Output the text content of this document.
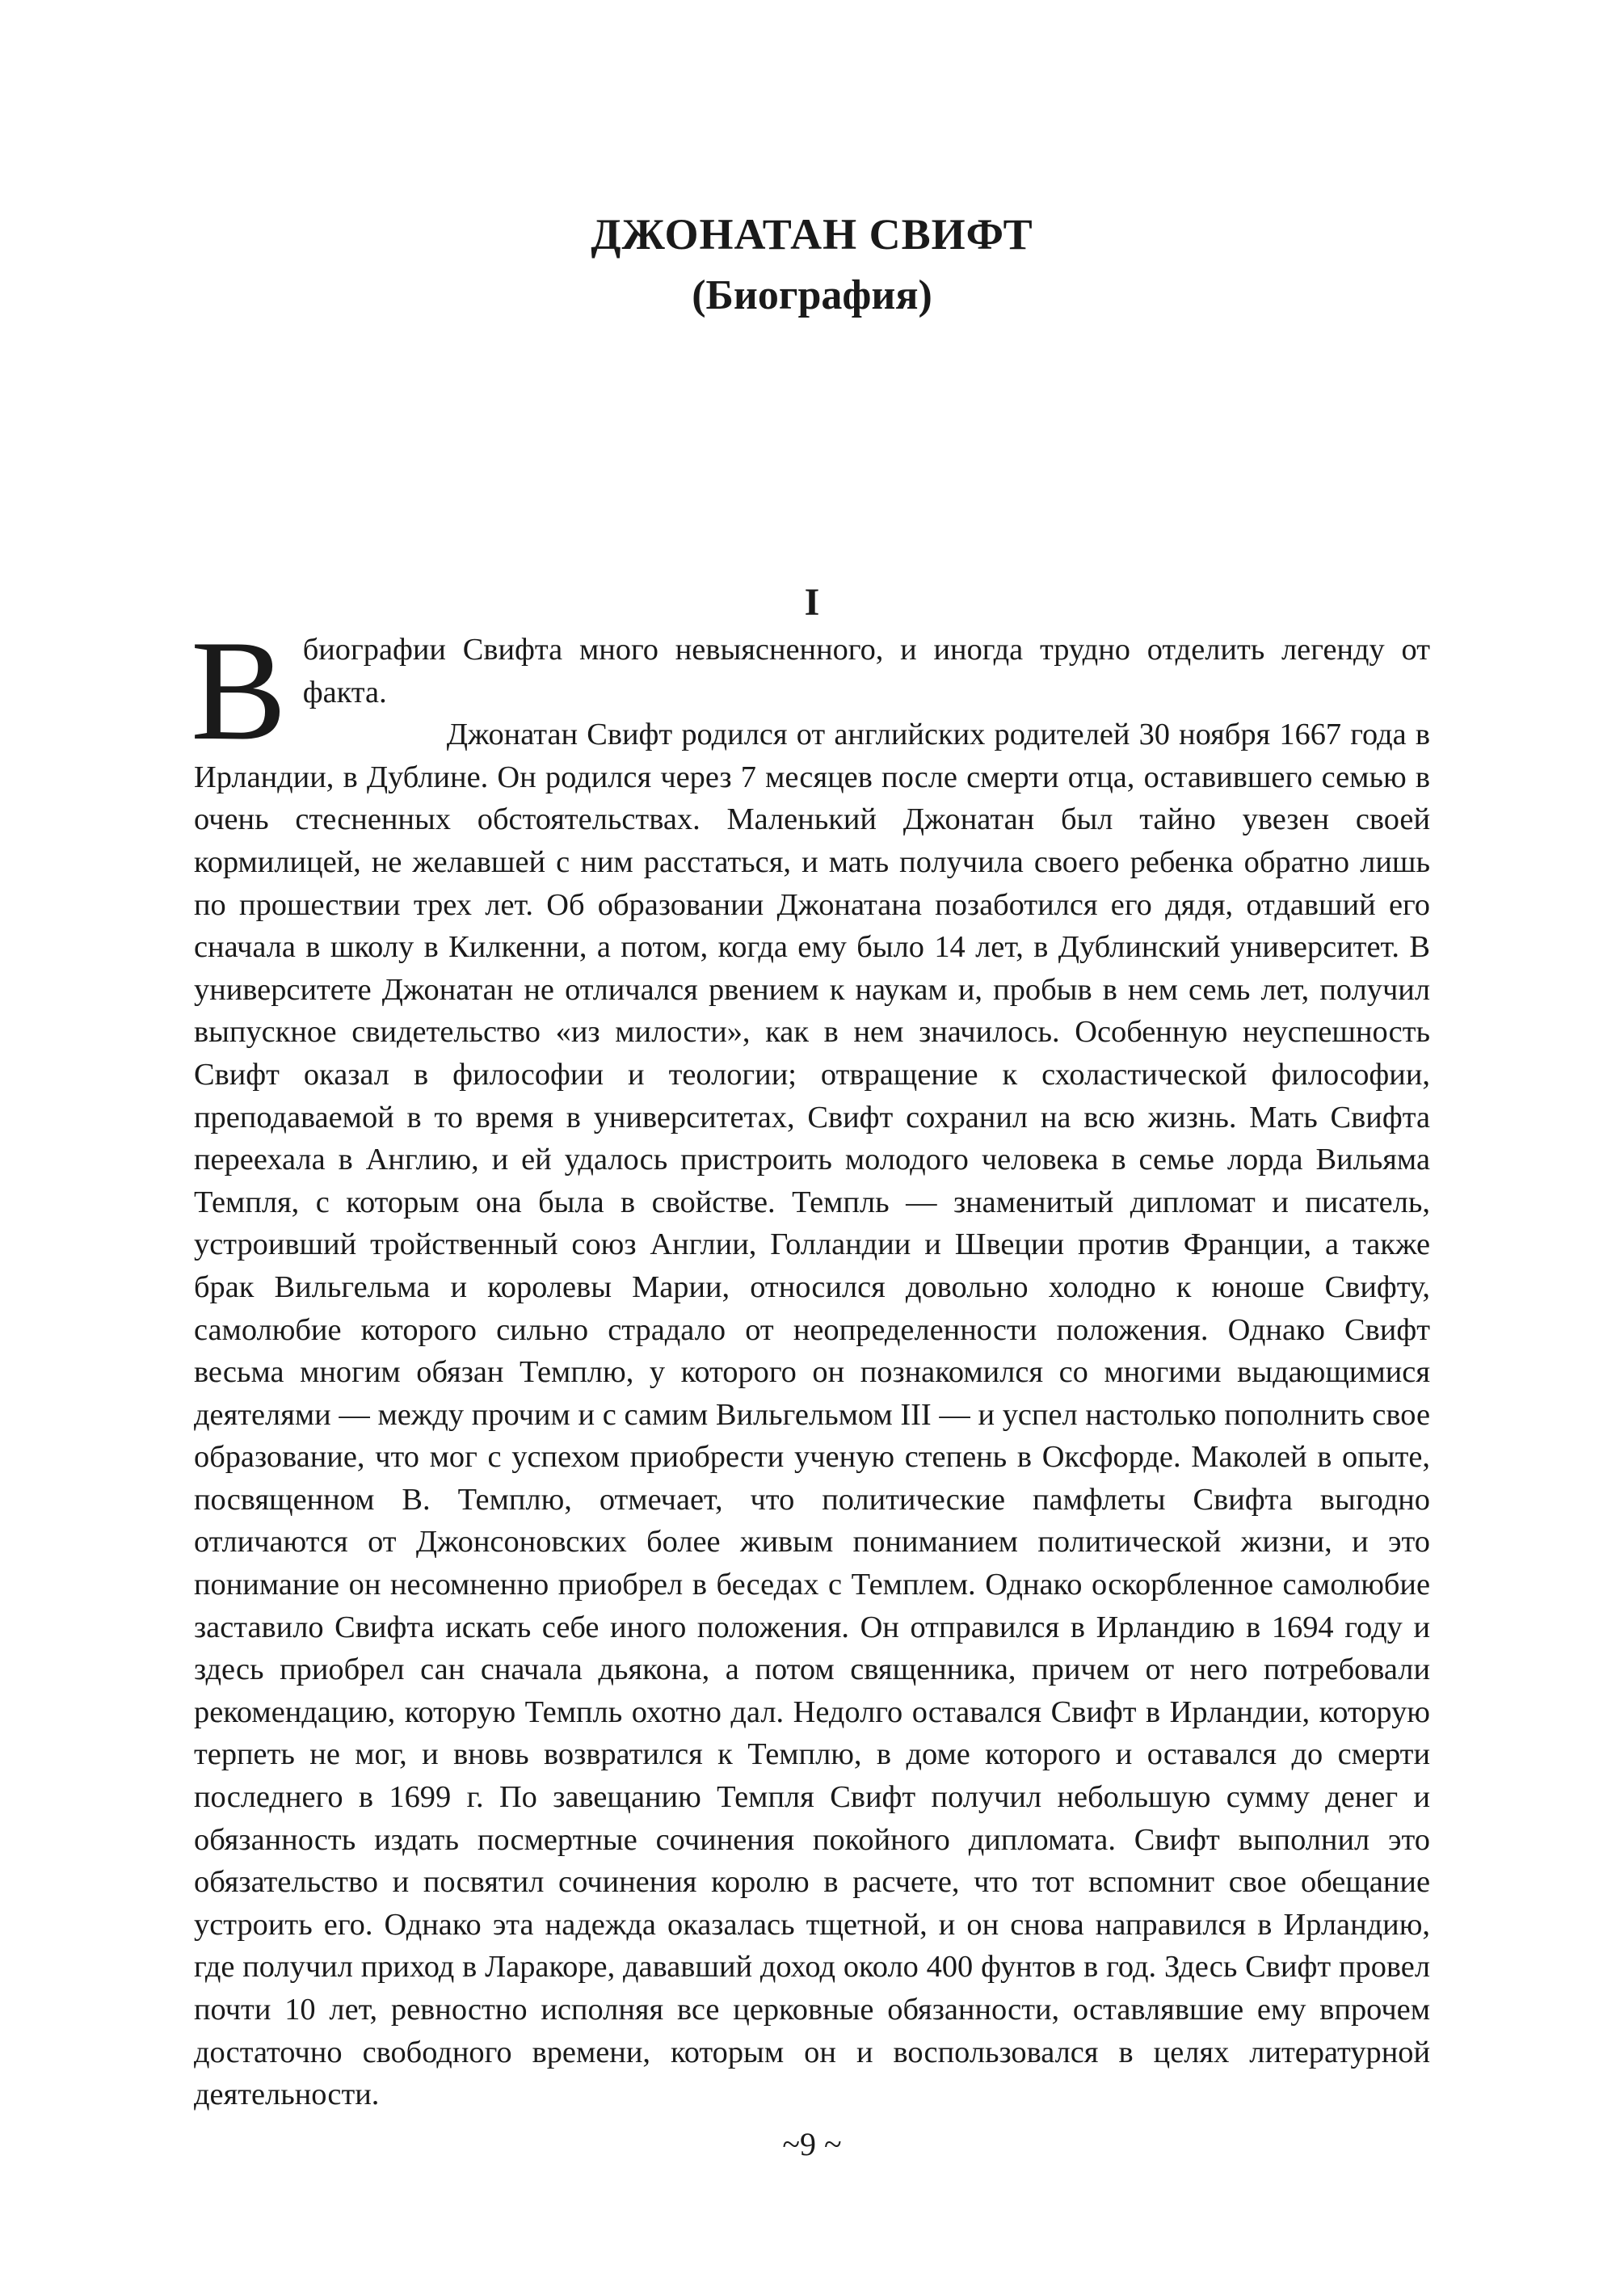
ДЖОНАТАН СВИФТ
(Биография)
I

Вбиографии Свифта много невыясненного, и иногда трудно отделить легенду от факта.

Джонатан Свифт родился от английских родителей 30 ноября 1667 года в Ирландии, в Дублине. Он родился через 7 месяцев после смерти отца, оставившего семью в очень стесненных обстоятельствах. Маленький Джонатан был тайно увезен своей кормилицей, не желавшей с ним расстаться, и мать получила своего ребенка обратно лишь по прошествии трех лет. Об образовании Джонатана позаботился его дядя, отдавший его сначала в школу в Килкенни, а потом, когда ему было 14 лет, в Дублинский университет. В университете Джонатан не отличался рвением к наукам и, пробыв в нем семь лет, получил выпускное свидетельство «из милости», как в нем значилось. Особенную неуспешность Свифт оказал в философии и теологии; отвращение к схоластической философии, преподаваемой в то время в университетах, Свифт сохранил на всю жизнь. Мать Свифта переехала в Англию, и ей удалось пристроить молодого человека в семье лорда Вильяма Темпля, с которым она была в свойстве. Темпль — знаменитый дипломат и писатель, устроивший тройственный союз Англии, Голландии и Швеции против Франции, а также брак Вильгельма и королевы Марии, относился довольно холодно к юноше Свифту, самолюбие которого сильно страдало от неопределенности положения. Однако Свифт весьма многим обязан Темплю, у которого он познакомился со многими выдающимися деятелями — между прочим и с самим Вильгельмом III — и успел настолько пополнить свое образование, что мог с успехом приобрести ученую степень в Оксфорде. Маколей в опыте, посвященном В. Темплю, отмечает, что политические памфлеты Свифта выгодно отличаются от Джонсоновских более живым пониманием политической жизни, и это понимание он несомненно приобрел в беседах с Темплем. Однако оскорбленное самолюбие заставило Свифта искать себе иного положения. Он отправился в Ирландию в 1694 году и здесь приобрел сан сначала дьякона, а потом священника, причем от него потребовали рекомендацию, которую Темпль охотно дал. Недолго оставался Свифт в Ирландии, которую терпеть не мог, и вновь возвратился к Темплю, в доме которого и оставался до смерти последнего в 1699 г. По завещанию Темпля Свифт получил небольшую сумму денег и обязанность издать посмертные сочинения покойного дипломата. Свифт выполнил это обязательство и посвятил сочинения королю в расчете, что тот вспомнит свое обещание устроить его. Однако эта надежда оказалась тщетной, и он снова направился в Ирландию, где получил приход в Ларакоре, дававший доход около 400 фунтов в год. Здесь Свифт провел почти 10 лет, ревностно исполняя все церковные обязанности, оставлявшие ему впрочем достаточно свободного времени, которым он и воспользовался в целях литературной деятельности.

~9 ~
